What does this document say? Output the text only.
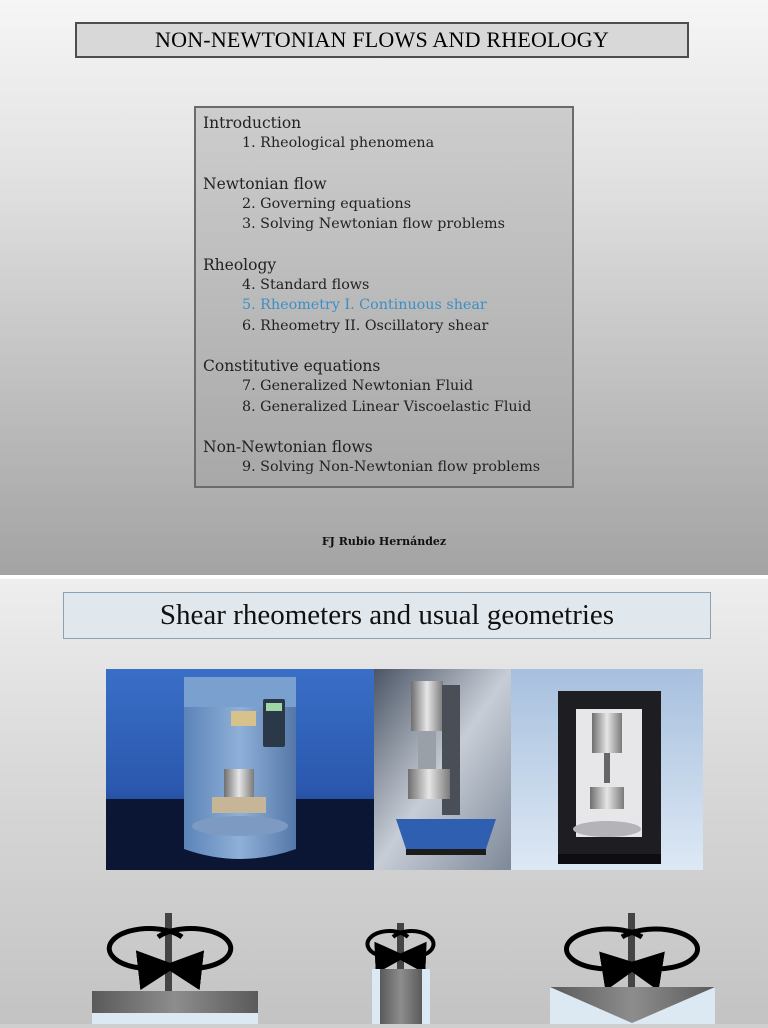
NON-NEWTONIAN FLOWS AND RHEOLOGY

Introduction

1. Rheological phenomena

Newtonian flow

2. Governing equations

3. Solving Newtonian flow problems

Rheology

4. Standard flows

5. Rheometry I. Continuous shear

6. Rheometry II. Oscillatory shear

Constitutive equations

7. Generalized Newtonian Fluid

8. Generalized Linear Viscoelastic Fluid

Non-Newtonian flows

9. Solving Non-Newtonian flow problems

FJ Rubio Hernández
Shear rheometers and usual geometries
